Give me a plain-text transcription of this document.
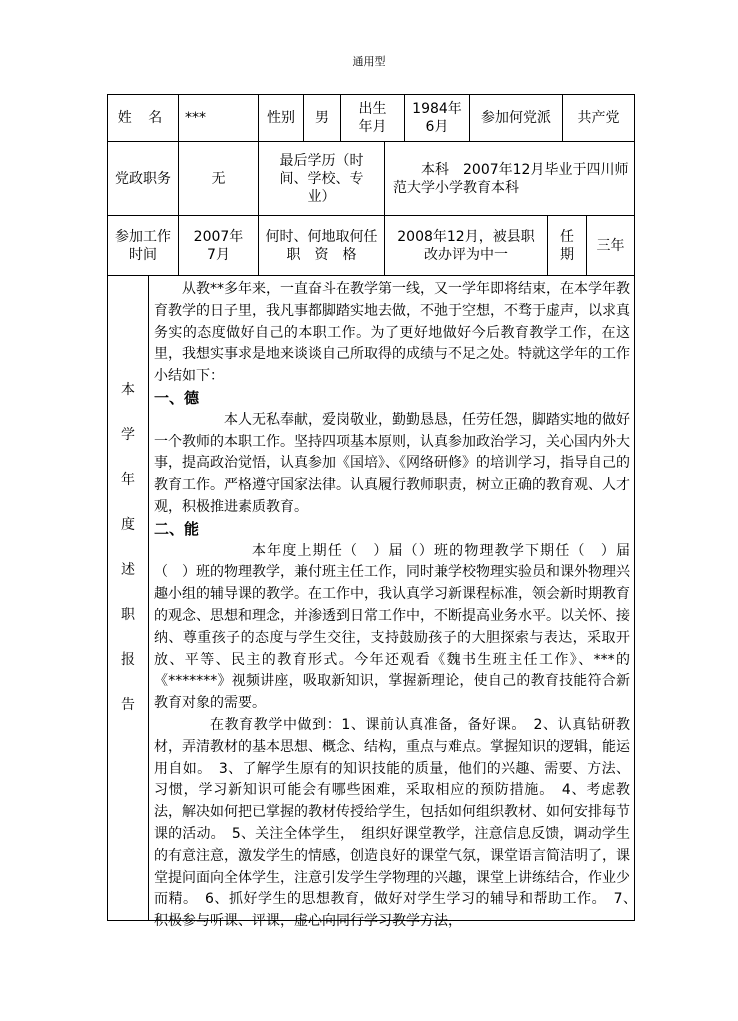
通用型
姓 名 ***	性别 男
出生年月
1984年6月
参加何党派 共产党
党政职务	无
最后学历（时间、学校、专业）
本科　2007年12月毕业于四川师范大学小学教育本科
参加工作时间
2007年7月
何时、何地取何任　职　资　格
2008年12月，被县职改办评为中一
任期
三年
本
学
年
度
述
职
报
告

从教**多年来，一直奋斗在教学第一线，又一学年即将结束，在本学年教育教学的日子里，我凡事都脚踏实地去做，不弛于空想，不骛于虚声，以求真务实的态度做好自己的本职工作。为了更好地做好今后教育教学工作，在这里，我想实事求是地来谈谈自己所取得的成绩与不足之处。特就这学年的工作小结如下：

一、德

本人无私奉献，爱岗敬业，勤勤恳恳，任劳任怨，脚踏实地的做好一个教师的本职工作。坚持四项基本原则，认真参加政治学习，关心国内外大事，提高政治觉悟，认真参加《国培》、《网络研修》的培训学习，指导自己的教育工作。严格遵守国家法律。认真履行教师职责，树立正确的教育观、人才观，积极推进素质教育。

二、能

本年度上期任（　）届（）班的物理教学下期任（　）届（　）班的物理教学，兼付班主任工作，同时兼学校物理实验员和课外物理兴趣小组的辅导课的教学。在工作中，我认真学习新课程标准，领会新时期教育的观念、思想和理念，并渗透到日常工作中，不断提高业务水平。以关怀、接纳、尊重孩子的态度与学生交往，支持鼓励孩子的大胆探索与表达，采取开放、平等、民主的教育形式。今年还观看《魏书生班主任工作》、***的《*******》视频讲座，吸取新知识，掌握新理论，使自己的教育技能符合新教育对象的需要。

在教育教学中做到：1、课前认真准备，备好课。　2、认真钻研教材，弄清教材的基本思想、概念、结构，重点与难点。掌握知识的逻辑，能运用自如。　3、了解学生原有的知识技能的质量，他们的兴趣、需要、方法、习惯，学习新知识可能会有哪些困难，采取相应的预防措施。　4、考虑教法，解决如何把已掌握的教材传授给学生，包括如何组织教材、如何安排每节课的活动。　5、关注全体学生，　组织好课堂教学，注意信息反馈，调动学生的有意注意，激发学生的情感，创造良好的课堂气氛，课堂语言简洁明了，课堂提问面向全体学生，注意引发学生学物理的兴趣，课堂上讲练结合，作业少而精。　6、抓好学生的思想教育，做好对学生学习的辅导和帮助工作。　7、　积极参与听课、评课，虚心向同行学习教学方法，
